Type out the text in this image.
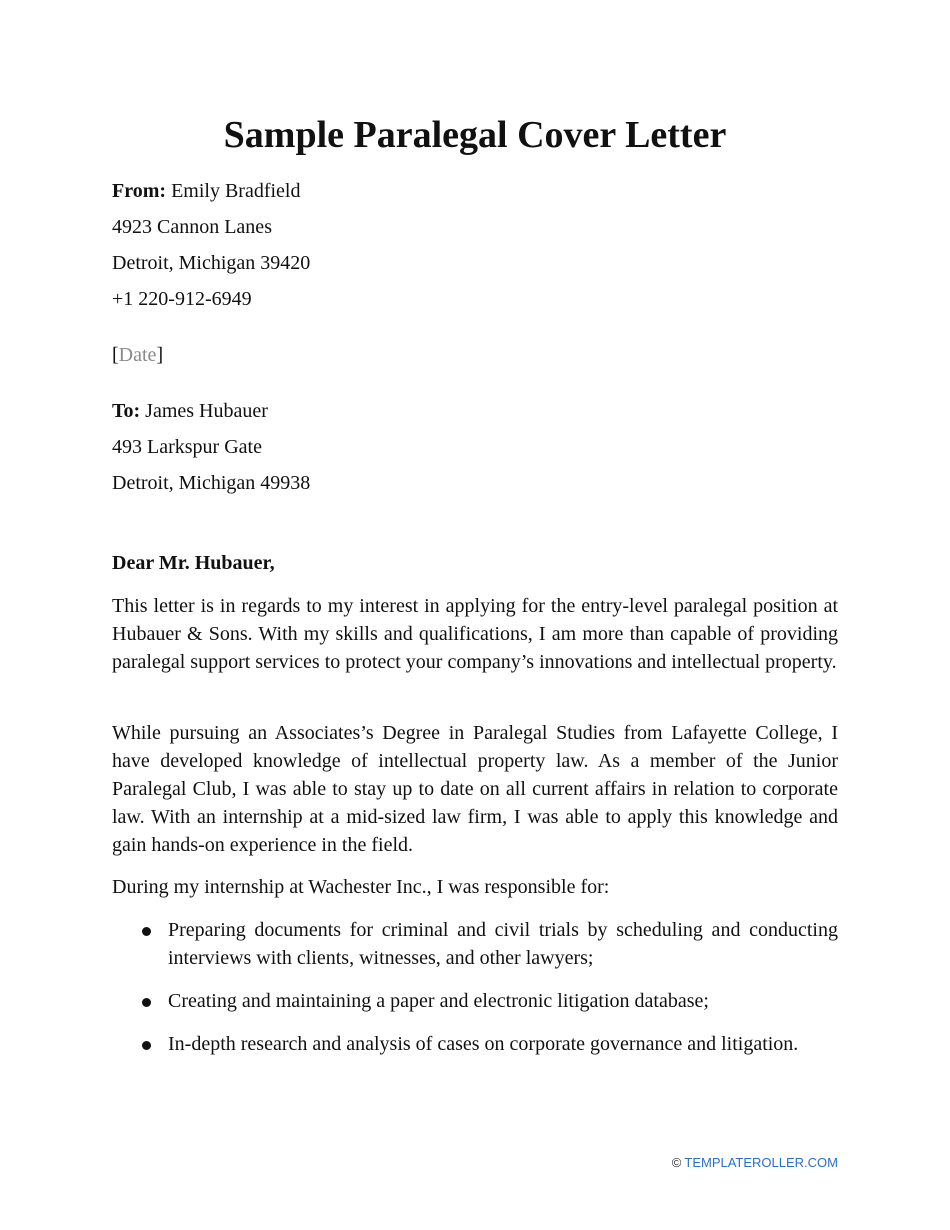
Sample Paralegal Cover Letter
From: Emily Bradfield
4923 Cannon Lanes
Detroit, Michigan 39420
+1 220-912-6949
[Date]
To: James Hubauer
493 Larkspur Gate
Detroit, Michigan 49938

Dear Mr. Hubauer,

This letter is in regards to my interest in applying for the entry-level paralegal position at Hubauer & Sons. With my skills and qualifications, I am more than capable of providing paralegal support services to protect your company’s innovations and intellectual property.

While pursuing an Associates’s Degree in Paralegal Studies from Lafayette College, I have developed knowledge of intellectual property law. As a member of the Junior Paralegal Club, I was able to stay up to date on all current affairs in relation to corporate law. With an internship at a mid-sized law firm, I was able to apply this knowledge and gain hands-on experience in the field.

During my internship at Wachester Inc., I was responsible for:

Preparing documents for criminal and civil trials by scheduling and conducting interviews with clients, witnesses, and other lawyers;
Creating and maintaining a paper and electronic litigation database;
In-depth research and analysis of cases on corporate governance and litigation.
© TEMPLATEROLLER.COM
